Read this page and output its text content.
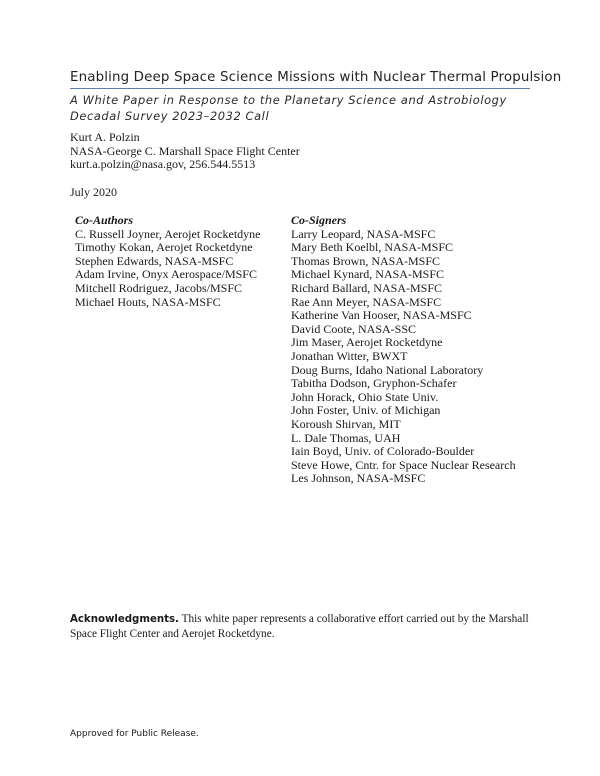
Enabling Deep Space Science Missions with Nuclear Thermal Propulsion
A White Paper in Response to the Planetary Science and Astrobiology Decadal Survey 2023–2032 Call
Kurt A. Polzin
NASA-George C. Marshall Space Flight Center
kurt.a.polzin@nasa.gov, 256.544.5513
July 2020
Co-Authors
C. Russell Joyner, Aerojet Rocketdyne
Timothy Kokan, Aerojet Rocketdyne
Stephen Edwards, NASA-MSFC
Adam Irvine, Onyx Aerospace/MSFC
Mitchell Rodriguez, Jacobs/MSFC
Michael Houts, NASA-MSFC
Co-Signers
Larry Leopard, NASA-MSFC
Mary Beth Koelbl, NASA-MSFC
Thomas Brown, NASA-MSFC
Michael Kynard, NASA-MSFC
Richard Ballard, NASA-MSFC
Rae Ann Meyer, NASA-MSFC
Katherine Van Hooser, NASA-MSFC
David Coote, NASA-SSC
Jim Maser, Aerojet Rocketdyne
Jonathan Witter, BWXT
Doug Burns, Idaho National Laboratory
Tabitha Dodson, Gryphon-Schafer
John Horack, Ohio State Univ.
John Foster, Univ. of Michigan
Koroush Shirvan, MIT
L. Dale Thomas, UAH
Iain Boyd, Univ. of Colorado-Boulder
Steve Howe, Cntr. for Space Nuclear Research
Les Johnson, NASA-MSFC
Acknowledgments. This white paper represents a collaborative effort carried out by the Marshall Space Flight Center and Aerojet Rocketdyne.
Approved for Public Release.
